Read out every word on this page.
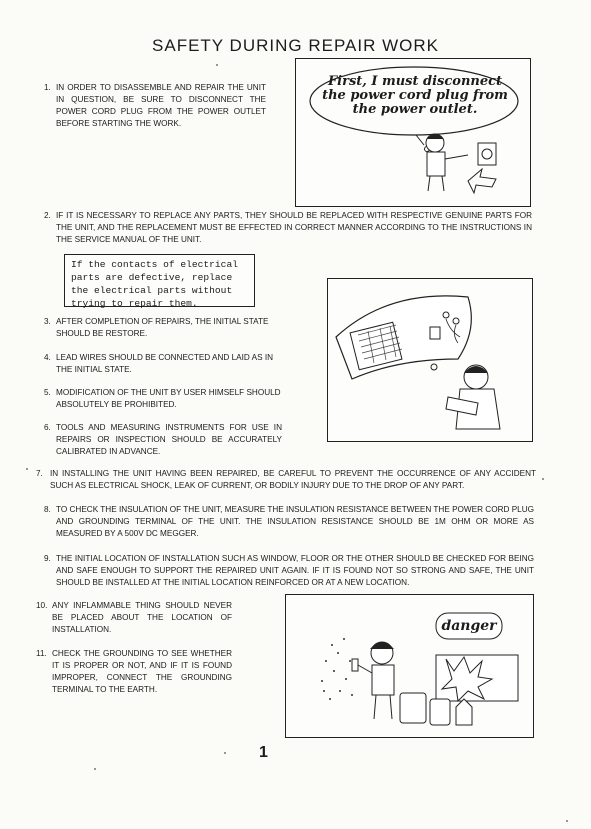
SAFETY DURING REPAIR WORK
1. IN ORDER TO DISASSEMBLE AND REPAIR THE UNIT IN QUESTION, BE SURE TO DISCONNECT THE POWER CORD PLUG FROM THE POWER OUTLET BEFORE STARTING THE WORK.
First, I must disconnect the power cord plug from the power outlet.
2. IF IT IS NECESSARY TO REPLACE ANY PARTS, THEY SHOULD BE REPLACED WITH RESPECTIVE GENUINE PARTS FOR THE UNIT, AND THE REPLACEMENT MUST BE EFFECTED IN CORRECT MANNER ACCORDING TO THE INSTRUCTIONS IN THE SERVICE MANUAL OF THE UNIT.
If the contacts of electrical
parts are defective, replace
the electrical parts without
trying to repair them.
3. AFTER COMPLETION OF REPAIRS, THE INITIAL STATE SHOULD BE RESTORE.
4. LEAD WIRES SHOULD BE CONNECTED AND LAID AS IN THE INITIAL STATE.
5. MODIFICATION OF THE UNIT BY USER HIMSELF SHOULD ABSOLUTELY BE PROHIBITED.
6. TOOLS AND MEASURING INSTRUMENTS FOR USE IN REPAIRS OR INSPECTION SHOULD BE ACCURATELY CALIBRATED IN ADVANCE.
7. IN INSTALLING THE UNIT HAVING BEEN REPAIRED, BE CAREFUL TO PREVENT THE OCCURRENCE OF ANY ACCIDENT SUCH AS ELECTRICAL SHOCK, LEAK OF CURRENT, OR BODILY INJURY DUE TO THE DROP OF ANY PART.
8. TO CHECK THE INSULATION OF THE UNIT, MEASURE THE INSULATION RESISTANCE BETWEEN THE POWER CORD PLUG AND GROUNDING TERMINAL OF THE UNIT. THE INSULATION RESISTANCE SHOULD BE 1M OHM OR MORE AS MEASURED BY A 500V DC MEGGER.
9. THE INITIAL LOCATION OF INSTALLATION SUCH AS WINDOW, FLOOR OR THE OTHER SHOULD BE CHECKED FOR BEING AND SAFE ENOUGH TO SUPPORT THE REPAIRED UNIT AGAIN. IF IT IS FOUND NOT SO STRONG AND SAFE, THE UNIT SHOULD BE INSTALLED AT THE INITIAL LOCATION REINFORCED OR AT A NEW LOCATION.
10. ANY INFLAMMABLE THING SHOULD NEVER BE PLACED ABOUT THE LOCATION OF INSTALLATION.
11. CHECK THE GROUNDING TO SEE WHETHER IT IS PROPER OR NOT, AND IF IT IS FOUND IMPROPER, CONNECT THE GROUNDING TERMINAL TO THE EARTH.
danger
1
